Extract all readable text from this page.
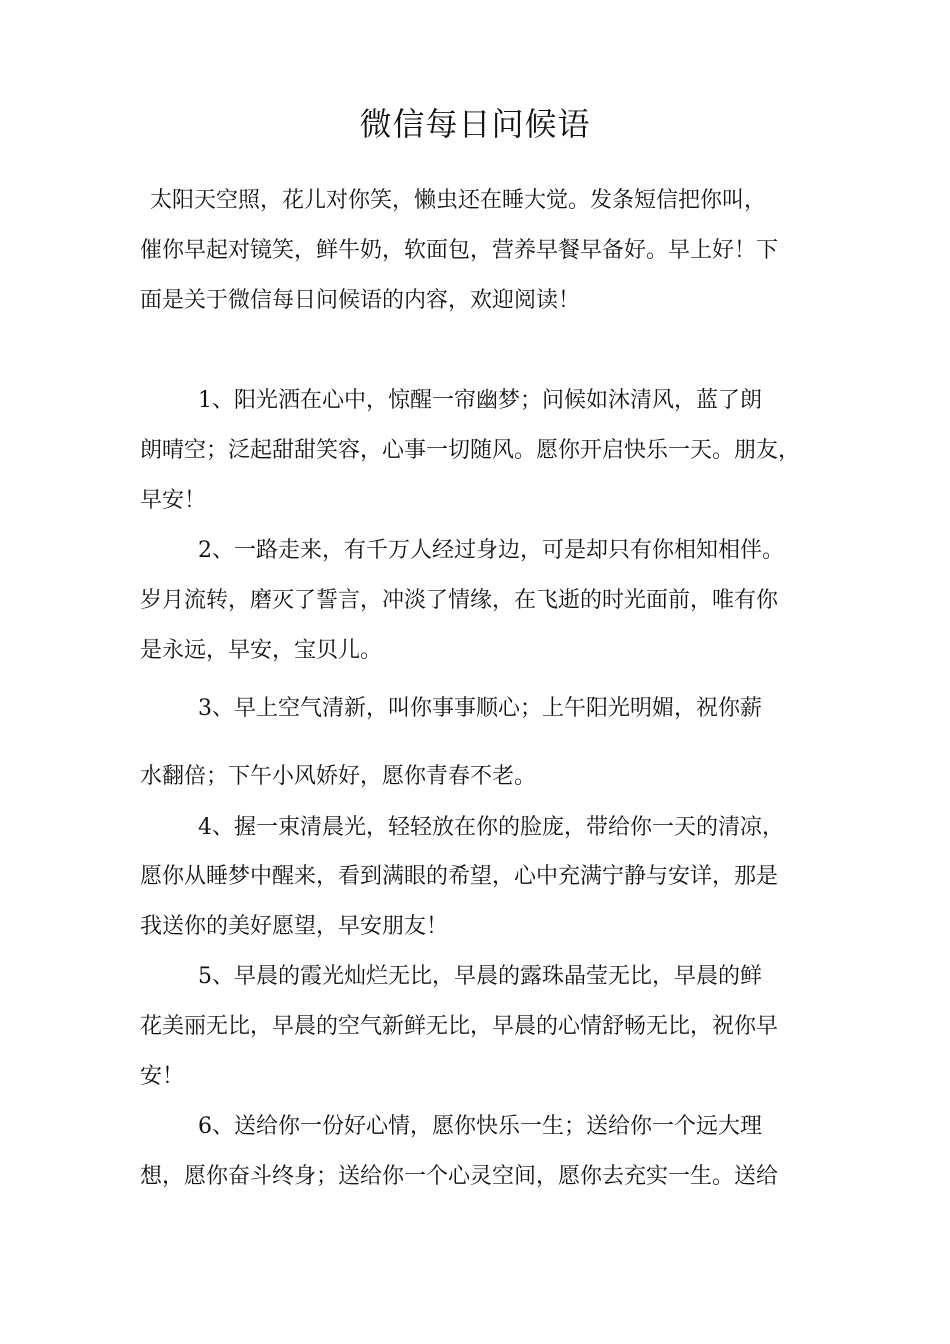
微信每日问候语
太阳天空照，花儿对你笑，懒虫还在睡大觉。发条短信把你叫，
催你早起对镜笑，鲜牛奶，软面包，营养早餐早备好。早上好！下
面是关于微信每日问候语的内容，欢迎阅读！
1、阳光洒在心中，惊醒一帘幽梦；问候如沐清风，蓝了朗
朗晴空；泛起甜甜笑容，心事一切随风。愿你开启快乐一天。朋友，
早安！
2、一路走来，有千万人经过身边，可是却只有你相知相伴。
岁月流转，磨灭了誓言，冲淡了情缘，在飞逝的时光面前，唯有你
是永远，早安，宝贝儿。
3、早上空气清新，叫你事事顺心；上午阳光明媚，祝你薪
水翻倍；下午小风娇好，愿你青春不老。
4、握一束清晨光，轻轻放在你的脸庞，带给你一天的清凉，
愿你从睡梦中醒来，看到满眼的希望，心中充满宁静与安详，那是
我送你的美好愿望，早安朋友！
5、早晨的霞光灿烂无比，早晨的露珠晶莹无比，早晨的鲜
花美丽无比，早晨的空气新鲜无比，早晨的心情舒畅无比，祝你早
安！
6、送给你一份好心情，愿你快乐一生；送给你一个远大理
想，愿你奋斗终身；送给你一个心灵空间，愿你去充实一生。送给
